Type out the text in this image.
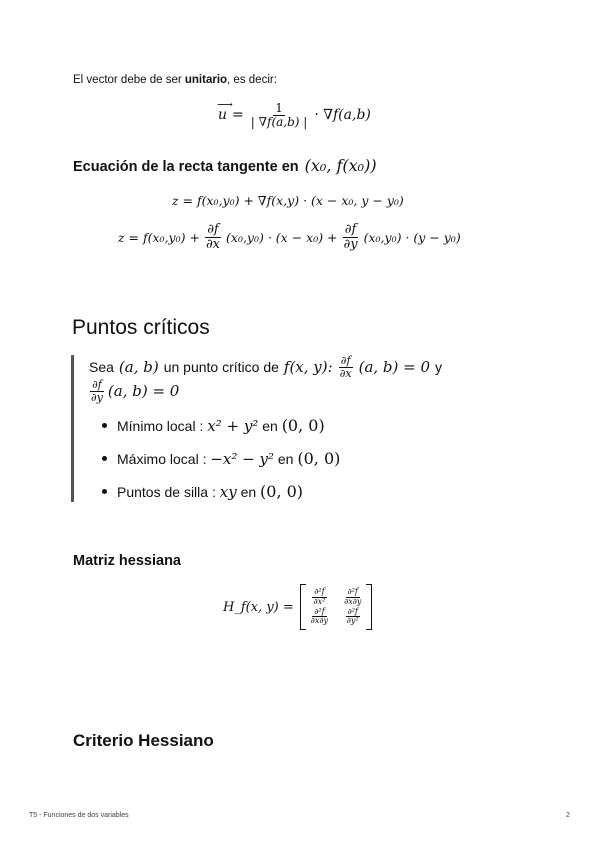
El vector debe de ser unitario, es decir:
⟶
$u = \frac{1}{| \nabla f(a,b) |} \cdot \nabla f(a,b)$
Ecuación de la recta tangente en (x₀, f(x₀))
z = f(x₀,y₀) + ∇f(x,y) · (x − x₀, y − y₀)
$z = f(x_0,y_0) + \frac{\partial f}{\partial x} (x_0,y_0) \cdot (x - x_0) + \frac{\partial f}{\partial y} (x_0,y_0) \cdot (y - y_0)$
Puntos críticos
Sea (a, b) un punto crítico de f(x, y): $\frac{\partial f}{\partial x} (a$, b) = 0 y
$\frac{\partial f}{\partial y} (a$, b) = 0
Mínimo local : x² + y² en (0, 0)
Máximo local : −x² − y² en (0, 0)
Puntos de silla : xy en (0, 0)
Matriz hessiana
H_f(x, y) =
$\frac{\text{∂²f}}{\text{∂x²}} \frac{\text{∂²f}}{\partial x\partial y}$
$\frac{\text{∂²f}}{\partial x\partial y} \frac{\text{∂²f}}{\text{∂y²}}$
Criterio Hessiano
T5 - Funciones de dos variables	2
